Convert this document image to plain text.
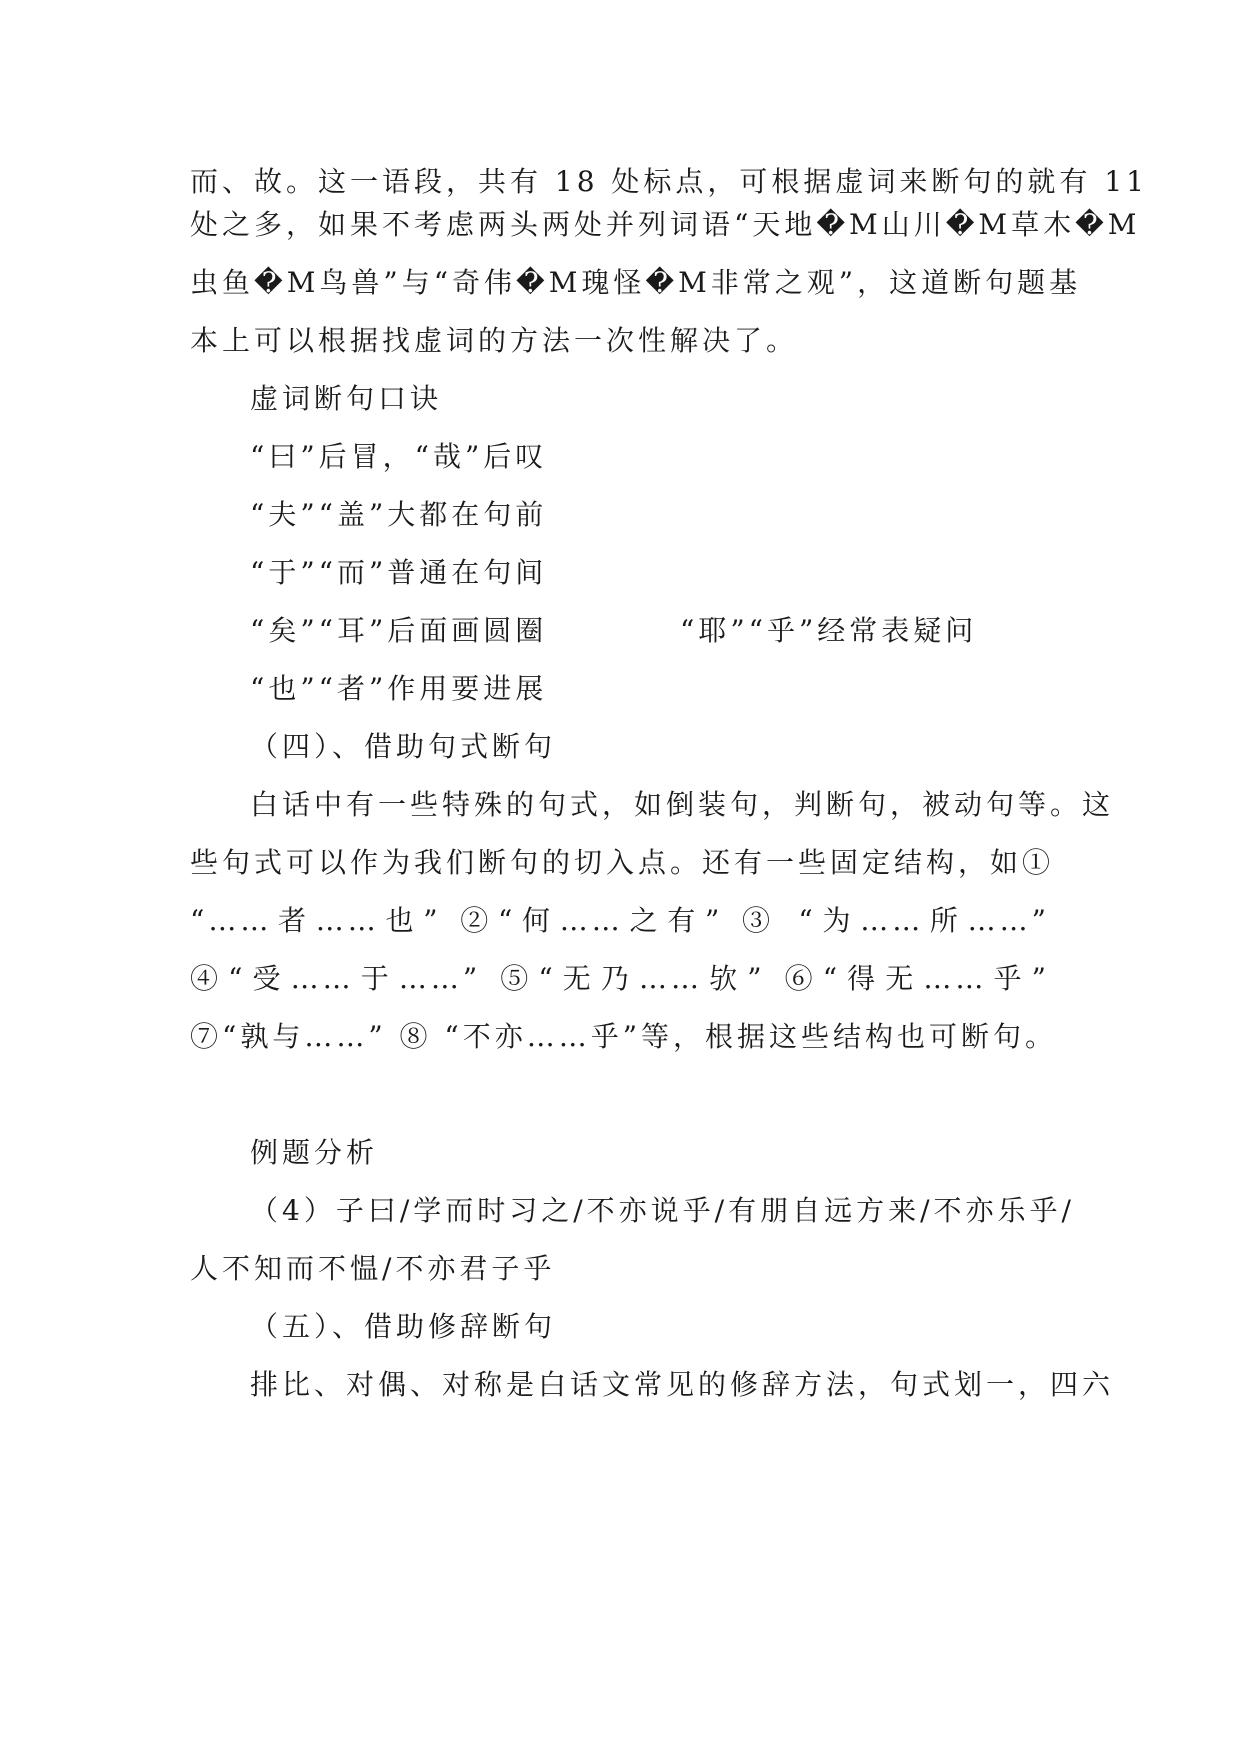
而、故。这一语段，共有 18 处标点，可根据虚词来断句的就有 11
处之多，如果不考虑两头两处并列词语“天地�M山川�M草木�M
虫鱼�M鸟兽”与“奇伟�M瑰怪�M非常之观”，这道断句题基
本上可以根据找虚词的方法一次性解决了。
虚词断句口诀
“曰”后冒，“哉”后叹
“夫”“盖”大都在句前
“于”“而”普通在句间
“矣”“耳”后面画圆圈	“耶”“乎”经常表疑问
“也”“者”作用要进展
（四）、借助句式断句
白话中有一些特殊的句式，如倒装句，判断句，被动句等。这
些句式可以作为我们断句的切入点。还有一些固定结构，如①
“……者……也” ②“何……之有” ③ “为……所……”
④“受……于……” ⑤“无乃……欤” ⑥“得无……乎”
⑦“孰与……” ⑧ “不亦……乎”等，根据这些结构也可断句。
例题分析
（4）子曰/学而时习之/不亦说乎/有朋自远方来/不亦乐乎/
人不知而不愠/不亦君子乎
（五）、借助修辞断句
排比、对偶、对称是白话文常见的修辞方法，句式划一，四六
